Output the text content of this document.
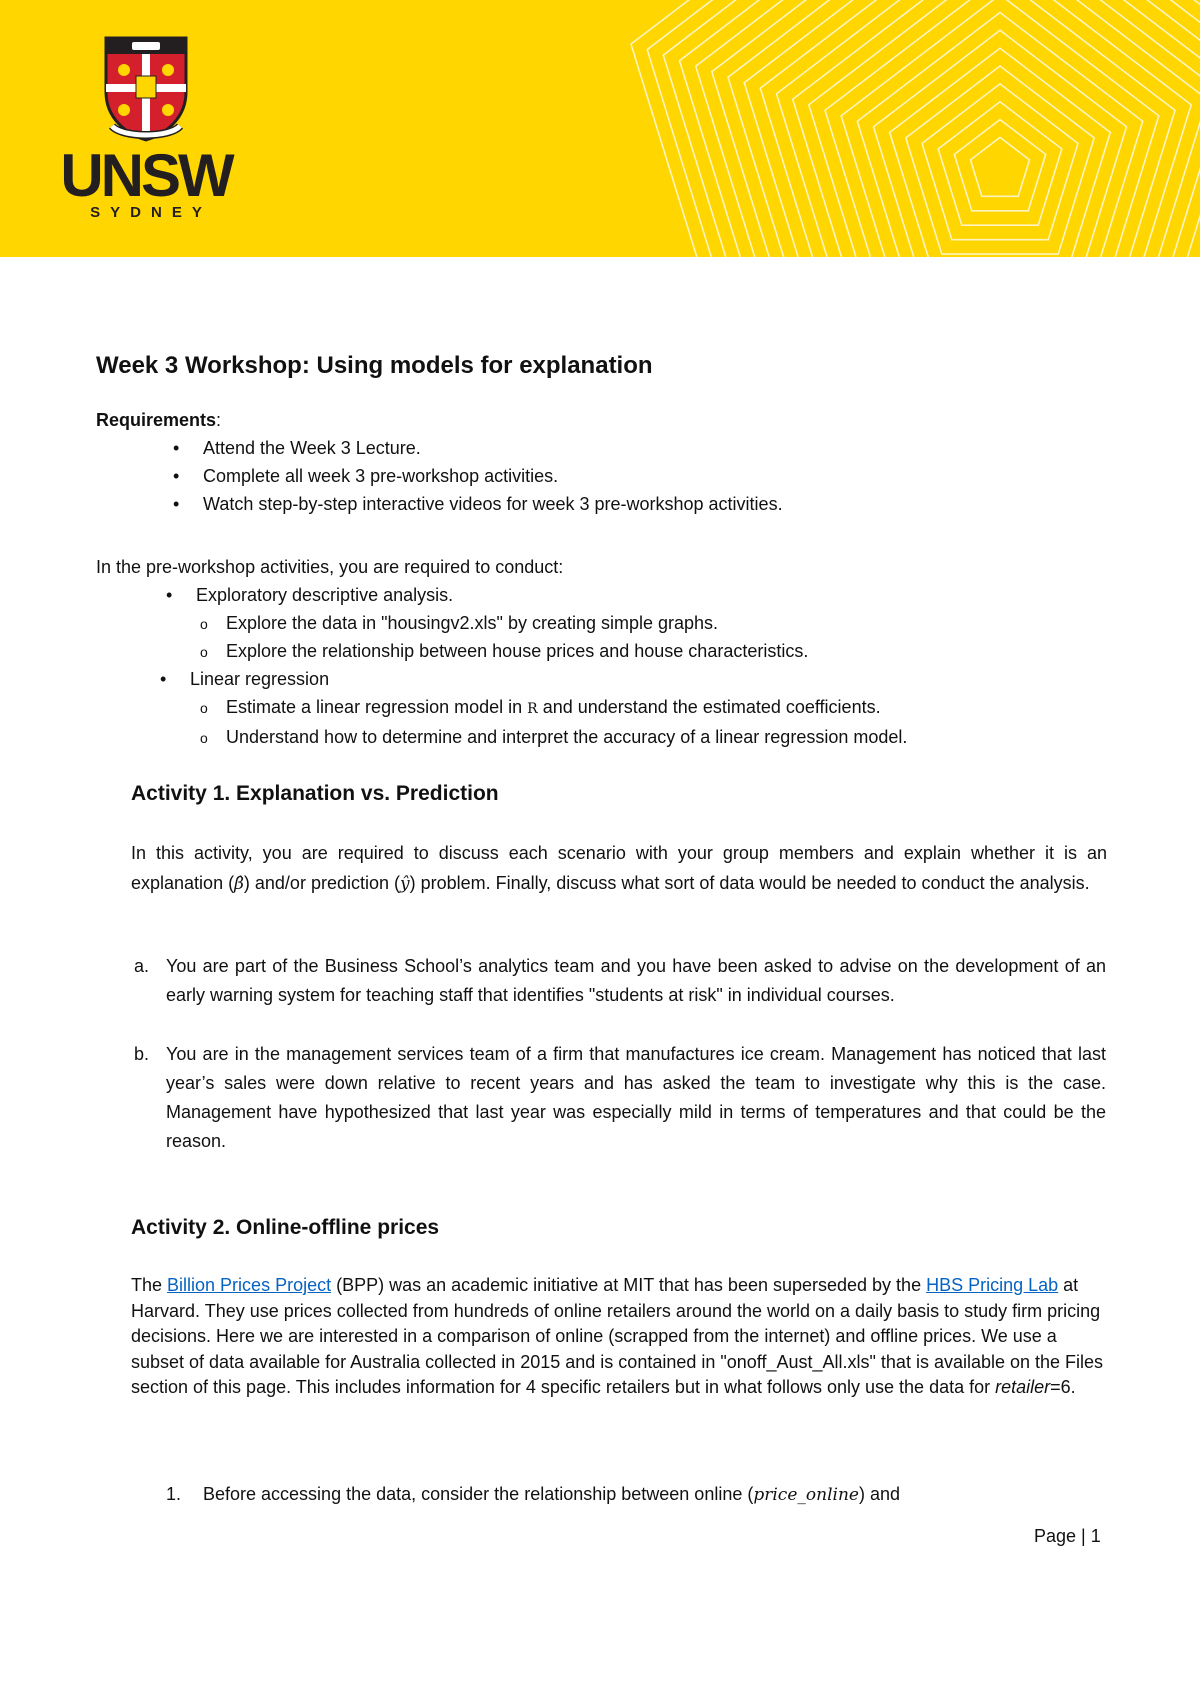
UNSW
SYDNEY
Week 3 Workshop: Using models for explanation
Requirements:
• Attend the Week 3 Lecture.
• Complete all week 3 pre-workshop activities.
• Watch step-by-step interactive videos for week 3 pre-workshop activities.
In the pre-workshop activities, you are required to conduct:
• Exploratory descriptive analysis.
o Explore the data in "housingv2.xls" by creating simple graphs.
o Explore the relationship between house prices and house characteristics.
• Linear regression
o Estimate a linear regression model in R and understand the estimated coefficients.
o Understand how to determine and interpret the accuracy of a linear regression model.
Activity 1. Explanation vs. Prediction
In this activity, you are required to discuss each scenario with your group members and explain whether it is an explanation (β̂) and/or prediction (ŷ) problem. Finally, discuss what sort of data would be needed to conduct the analysis.
a. You are part of the Business School’s analytics team and you have been asked to advise on the development of an early warning system for teaching staff that identifies "students at risk" in individual courses.
b. You are in the management services team of a firm that manufactures ice cream. Management has noticed that last year’s sales were down relative to recent years and has asked the team to investigate why this is the case. Management have hypothesized that last year was especially mild in terms of temperatures and that could be the reason.
Activity 2. Online-offline prices
The Billion Prices Project (BPP) was an academic initiative at MIT that has been superseded by the HBS Pricing Lab at Harvard. They use prices collected from hundreds of online retailers around the world on a daily basis to study firm pricing decisions. Here we are interested in a comparison of online (scrapped from the internet) and offline prices. We use a subset of data available for Australia collected in 2015 and is contained in "onoff_Aust_All.xls" that is available on the Files section of this page. This includes information for 4 specific retailers but in what follows only use the data for retailer=6.
1. Before accessing the data, consider the relationship between online (price_online) and
Page | 1
